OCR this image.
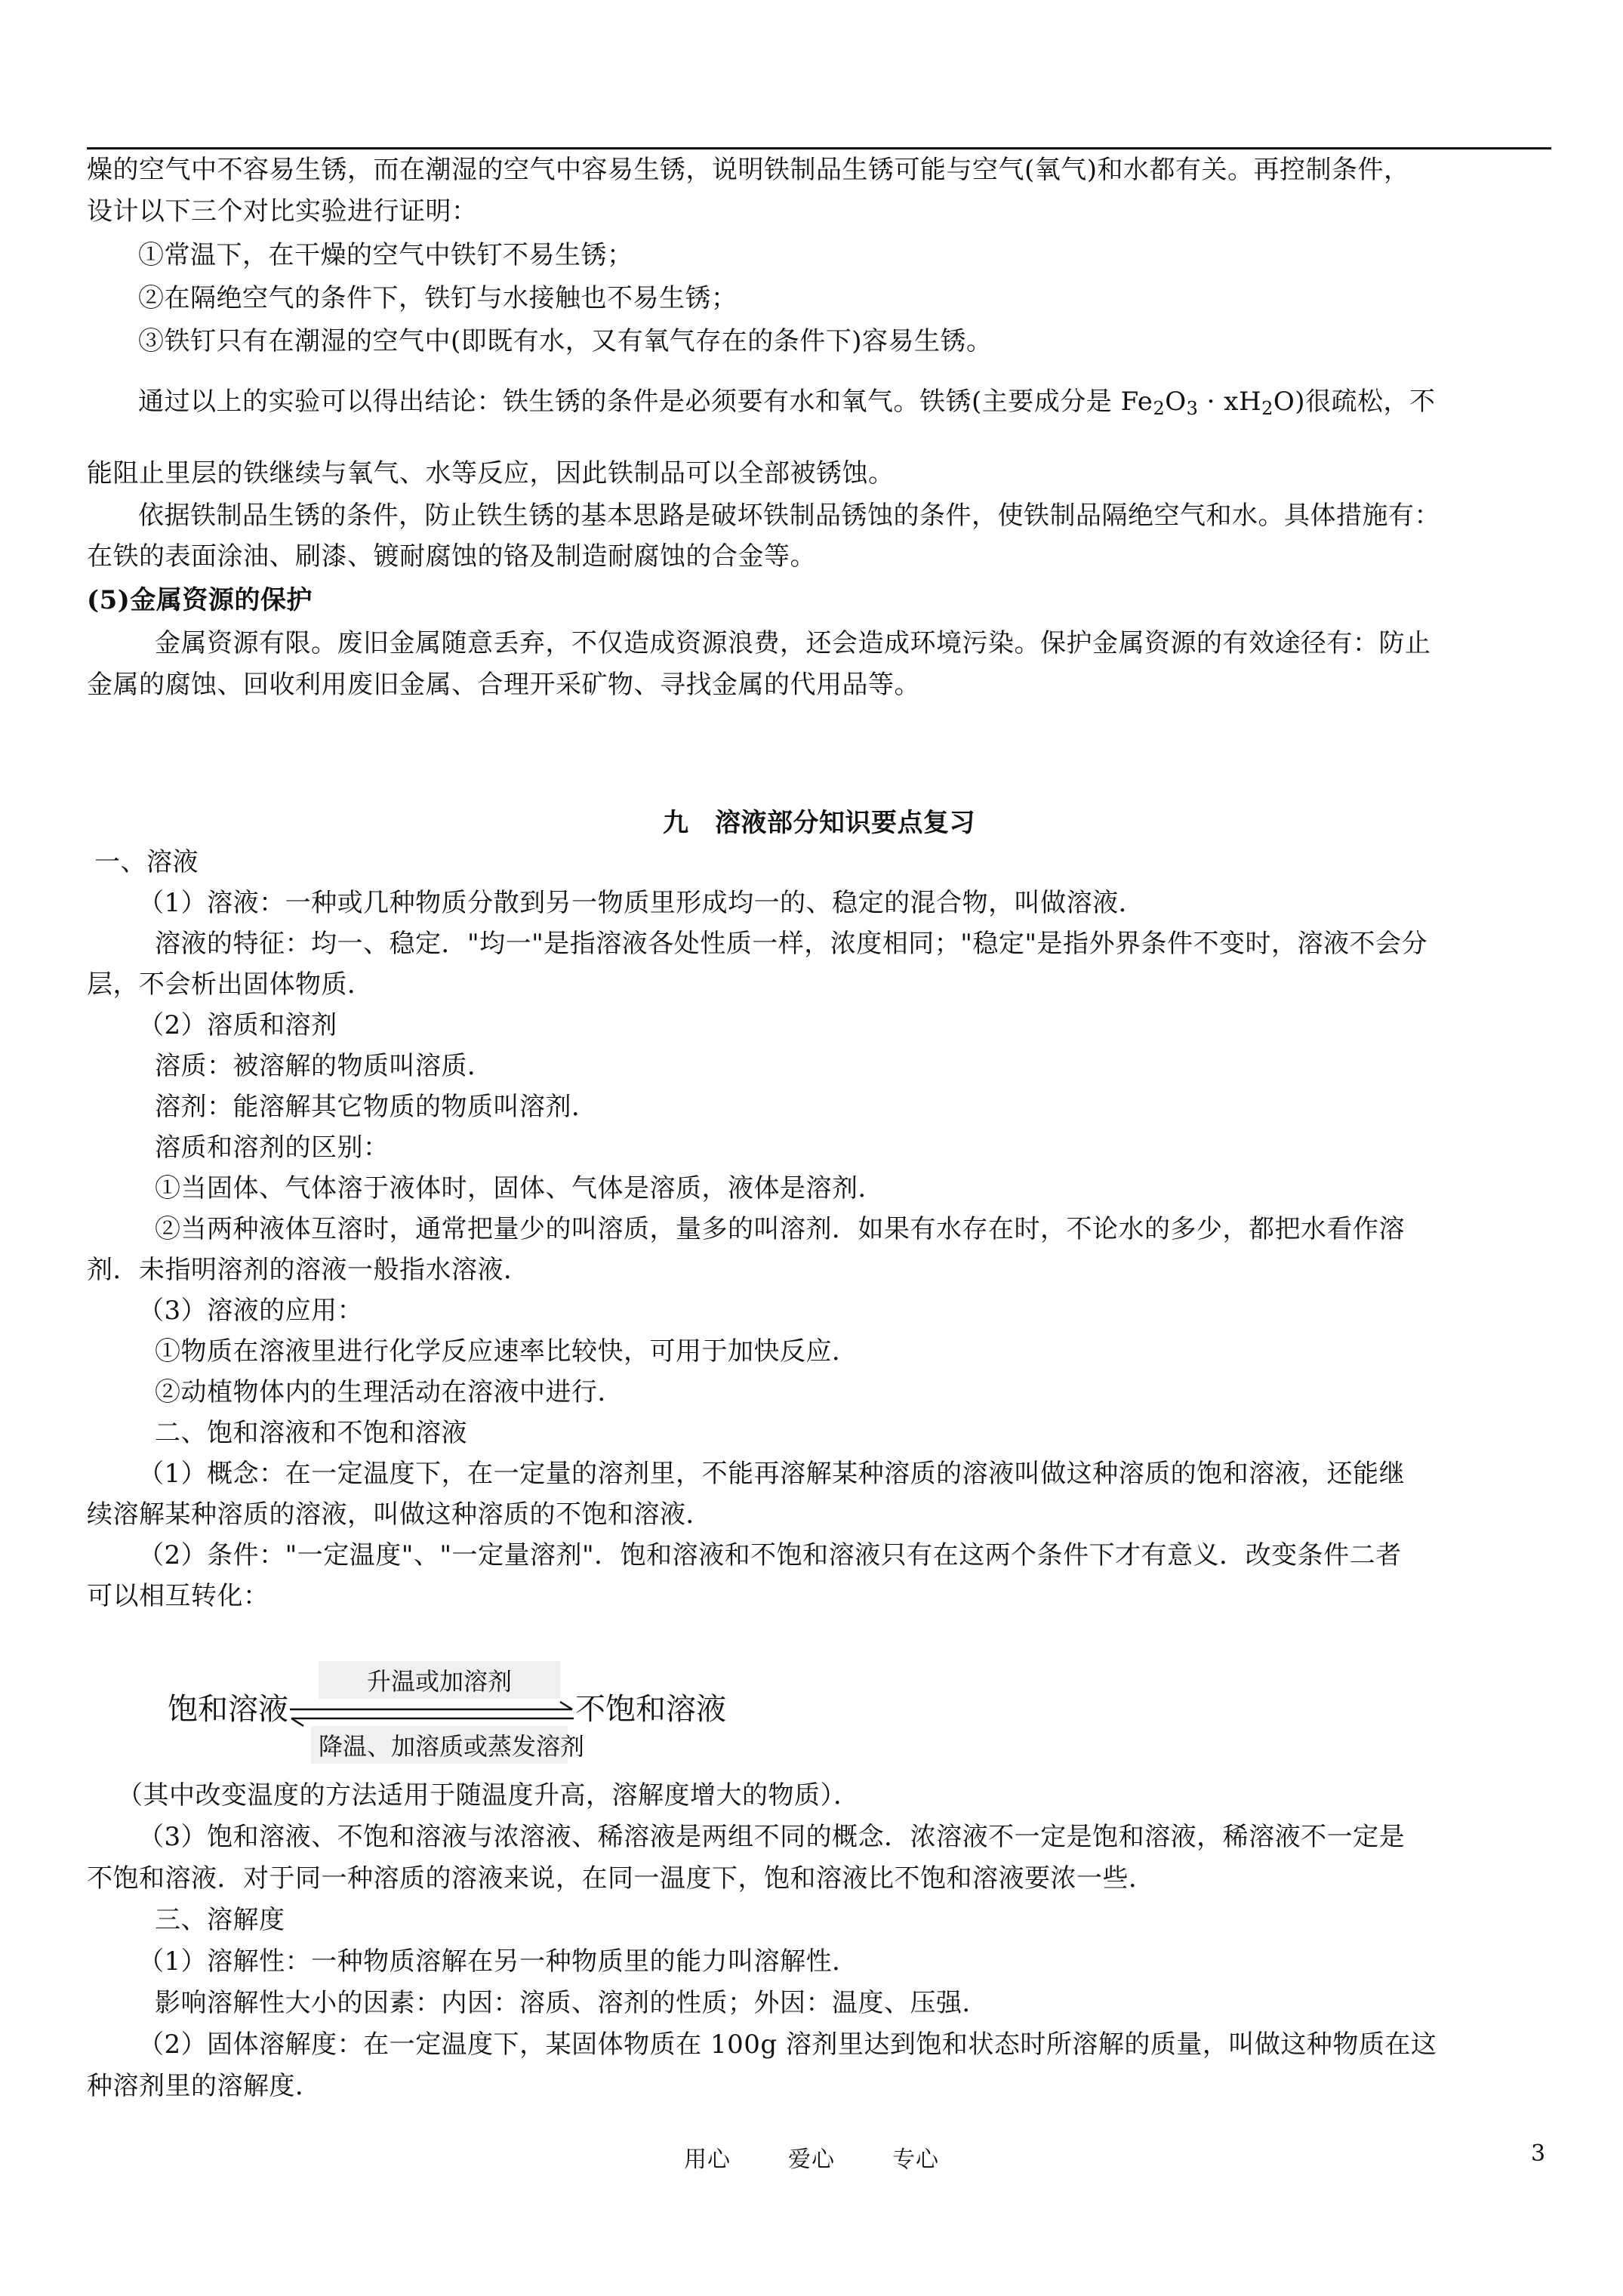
燥的空气中不容易生锈，而在潮湿的空气中容易生锈，说明铁制品生锈可能与空气(氧气)和水都有关。再控制条件，
设计以下三个对比实验进行证明：
①常温下，在干燥的空气中铁钉不易生锈；
②在隔绝空气的条件下，铁钉与水接触也不易生锈；
③铁钉只有在潮湿的空气中(即既有水，又有氧气存在的条件下)容易生锈。
通过以上的实验可以得出结论：铁生锈的条件是必须要有水和氧气。铁锈(主要成分是 $Fe_2O_3 \cdot xH_2O$)很疏松，不
能阻止里层的铁继续与氧气、水等反应，因此铁制品可以全部被锈蚀。
依据铁制品生锈的条件，防止铁生锈的基本思路是破坏铁制品锈蚀的条件，使铁制品隔绝空气和水。具体措施有：
在铁的表面涂油、刷漆、镀耐腐蚀的铬及制造耐腐蚀的合金等。
(5)金属资源的保护
金属资源有限。废旧金属随意丢弃，不仅造成资源浪费，还会造成环境污染。保护金属资源的有效途径有：防止
金属的腐蚀、回收利用废旧金属、合理开采矿物、寻找金属的代用品等。
九　溶液部分知识要点复习
一、溶液
（1）溶液：一种或几种物质分散到另一物质里形成均一的、稳定的混合物，叫做溶液．
溶液的特征：均一、稳定．"均一"是指溶液各处性质一样，浓度相同；"稳定"是指外界条件不变时，溶液不会分
层，不会析出固体物质．
（2）溶质和溶剂
溶质：被溶解的物质叫溶质．
溶剂：能溶解其它物质的物质叫溶剂．
溶质和溶剂的区别：
①当固体、气体溶于液体时，固体、气体是溶质，液体是溶剂．
②当两种液体互溶时，通常把量少的叫溶质，量多的叫溶剂．如果有水存在时，不论水的多少，都把水看作溶
剂．未指明溶剂的溶液一般指水溶液．
（3）溶液的应用：
①物质在溶液里进行化学反应速率比较快，可用于加快反应．
②动植物体内的生理活动在溶液中进行．
二、饱和溶液和不饱和溶液
（1）概念：在一定温度下，在一定量的溶剂里，不能再溶解某种溶质的溶液叫做这种溶质的饱和溶液，还能继
续溶解某种溶质的溶液，叫做这种溶质的不饱和溶液．
（2）条件："一定温度"、"一定量溶剂"．饱和溶液和不饱和溶液只有在这两个条件下才有意义．改变条件二者
可以相互转化：
升温或加溶剂
饱和溶液	不饱和溶液
降温、加溶质或蒸发溶剂
（其中改变温度的方法适用于随温度升高，溶解度增大的物质）．
（3）饱和溶液、不饱和溶液与浓溶液、稀溶液是两组不同的概念．浓溶液不一定是饱和溶液，稀溶液不一定是
不饱和溶液．对于同一种溶质的溶液来说，在同一温度下，饱和溶液比不饱和溶液要浓一些．
三、溶解度
（1）溶解性：一种物质溶解在另一种物质里的能力叫溶解性．
影响溶解性大小的因素：内因：溶质、溶剂的性质；外因：温度、压强．
（2）固体溶解度：在一定温度下，某固体物质在 100g 溶剂里达到饱和状态时所溶解的质量，叫做这种物质在这
种溶剂里的溶解度．
用心	爱心	专心	3
